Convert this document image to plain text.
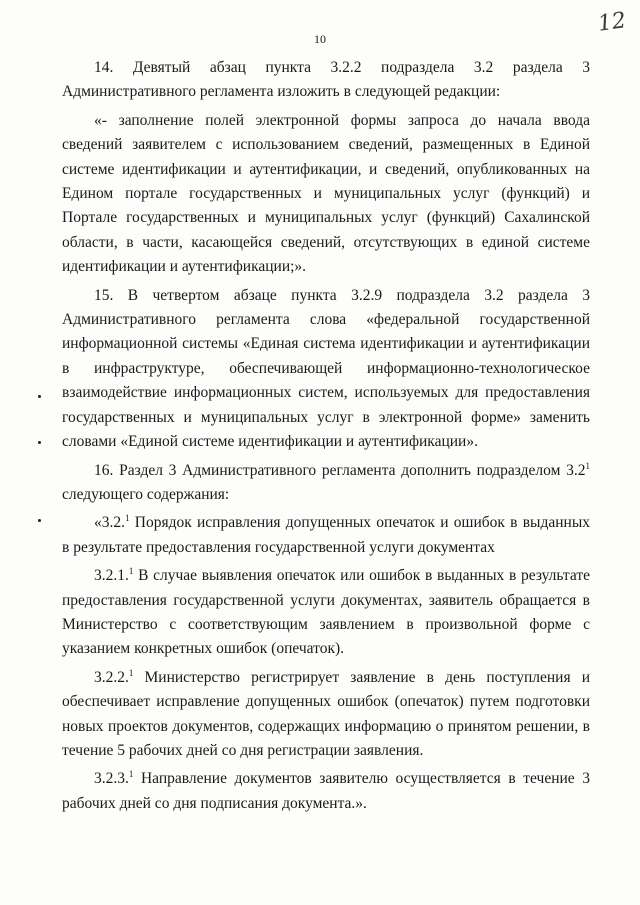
10
12

14. Девятый абзац пункта 3.2.2 подраздела 3.2 раздела 3 Административного регламента изложить в следующей редакции:

«- заполнение полей электронной формы запроса до начала ввода сведений заявителем с использованием сведений, размещенных в Единой системе идентификации и аутентификации, и сведений, опубликованных на Едином портале государственных и муниципальных услуг (функций) и Портале государственных и муниципальных услуг (функций) Сахалинской области, в части, касающейся сведений, отсутствующих в единой системе идентификации и аутентификации;».

15. В четвертом абзаце пункта 3.2.9 подраздела 3.2 раздела 3 Административного регламента слова «федеральной государственной информационной системы «Единая система идентификации и аутентификации в инфраструктуре, обеспечивающей информационно-технологическое взаимодействие информационных систем, используемых для предоставления государственных и муниципальных услуг в электронной форме» заменить словами «Единой системе идентификации и аутентификации».

16. Раздел 3 Административного регламента дополнить подразделом $3.2^1$ следующего содержания:

«3.2.$^1$ Порядок исправления допущенных опечаток и ошибок в выданных в результате предоставления государственной услуги документах

3.2.1.$^1$ В случае выявления опечаток или ошибок в выданных в результате предоставления государственной услуги документах, заявитель обращается в Министерство с соответствующим заявлением в произвольной форме с указанием конкретных ошибок (опечаток).

3.2.2.$^1$ Министерство регистрирует заявление в день поступления и обеспечивает исправление допущенных ошибок (опечаток) путем подготовки новых проектов документов, содержащих информацию о принятом решении, в течение 5 рабочих дней со дня регистрации заявления.

3.2.3.$^1$ Направление документов заявителю осуществляется в течение 3 рабочих дней со дня подписания документа.».
